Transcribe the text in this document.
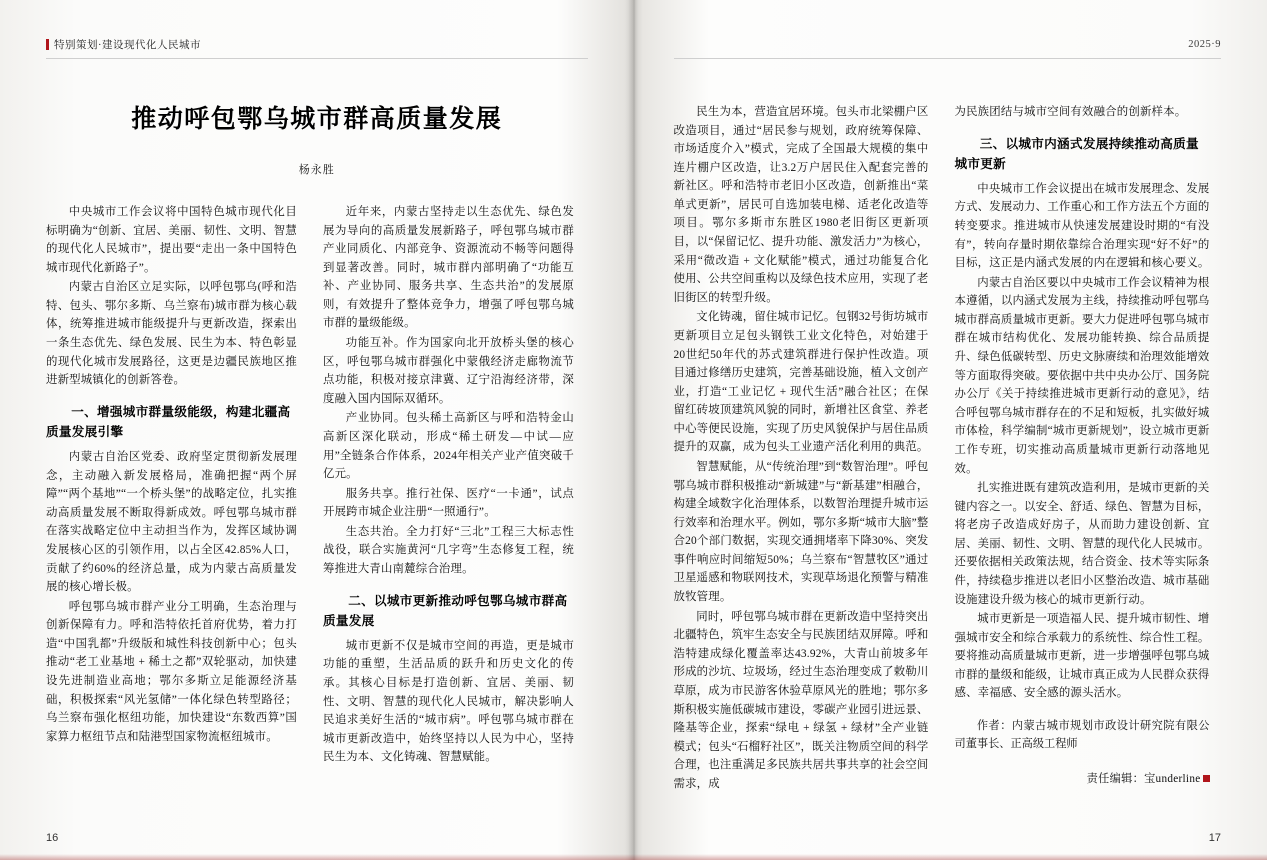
特别策划·建设现代化人民城市
推动呼包鄂乌城市群高质量发展
杨永胜

中央城市工作会议将中国特色城市现代化目标明确为“创新、宜居、美丽、韧性、文明、智慧的现代化人民城市”，提出要“走出一条中国特色城市现代化新路子”。

内蒙古自治区立足实际，以呼包鄂乌(呼和浩特、包头、鄂尔多斯、乌兰察布)城市群为核心载体，统筹推进城市能级提升与更新改造，探索出一条生态优先、绿色发展、民生为本、特色彰显的现代化城市发展路径，这更是边疆民族地区推进新型城镇化的创新答卷。

一、增强城市群量级能级，构建北疆高质量发展引擎

内蒙古自治区党委、政府坚定贯彻新发展理念，主动融入新发展格局，准确把握“两个屏障”“两个基地”“一个桥头堡”的战略定位，扎实推动高质量发展不断取得新成效。呼包鄂乌城市群在落实战略定位中主动担当作为，发挥区域协调发展核心区的引领作用，以占全区42.85%人口，贡献了约60%的经济总量，成为内蒙古高质量发展的核心增长极。

呼包鄂乌城市群产业分工明确，生态治理与创新保障有力。呼和浩特依托首府优势，着力打造“中国乳都”升级版和城性科技创新中心；包头推动“老工业基地 + 稀土之都”双轮驱动，加快建设先进制造业高地；鄂尔多斯立足能源经济基础，积极探索“风光氢储”一体化绿色转型路径；乌兰察布强化枢纽功能，加快建设“东数西算”国家算力枢纽节点和陆港型国家物流枢纽城市。

近年来，内蒙古坚持走以生态优先、绿色发展为导向的高质量发展新路子，呼包鄂乌城市群产业同质化、内部竞争、资源流动不畅等问题得到显著改善。同时，城市群内部明确了“功能互补、产业协同、服务共享、生态共治”的发展原则，有效提升了整体竞争力，增强了呼包鄂乌城市群的量级能级。

功能互补。作为国家向北开放桥头堡的核心区，呼包鄂乌城市群强化中蒙俄经济走廊物流节点功能，积极对接京津冀、辽宁沿海经济带，深度融入国内国际双循环。

产业协同。包头稀土高新区与呼和浩特金山高新区深化联动，形成“稀土研发—中试—应用”全链条合作体系，2024年相关产业产值突破千亿元。

服务共享。推行社保、医疗“一卡通”，试点开展跨市城企业注册“一照通行”。

生态共治。全力打好“三北”工程三大标志性战役，联合实施黄河“几字弯”生态修复工程，统筹推进大青山南麓综合治理。

二、以城市更新推动呼包鄂乌城市群高质量发展

城市更新不仅是城市空间的再造，更是城市功能的重塑，生活品质的跃升和历史文化的传承。其核心目标是打造创新、宜居、美丽、韧性、文明、智慧的现代化人民城市，解决影响人民追求美好生活的“城市病”。呼包鄂乌城市群在城市更新改造中，始终坚持以人民为中心，坚持民生为本、文化铸魂、智慧赋能。

16
2025·9

民生为本，营造宜居环境。包头市北梁棚户区改造项目，通过“居民参与规划，政府统筹保障、市场适度介入”模式，完成了全国最大规模的集中连片棚户区改造，让3.2万户居民住入配套完善的新社区。呼和浩特市老旧小区改造，创新推出“菜单式更新”，居民可自选加装电梯、适老化改造等项目。鄂尔多斯市东胜区1980老旧街区更新项目，以“保留记忆、提升功能、激发活力”为核心，采用“微改造 + 文化赋能”模式，通过功能复合化使用、公共空间重构以及绿色技术应用，实现了老旧街区的转型升级。

文化铸魂，留住城市记忆。包钢32号街坊城市更新项目立足包头钢铁工业文化特色，对始建于20世纪50年代的苏式建筑群进行保护性改造。项目通过修缮历史建筑，完善基础设施，植入文创产业，打造“工业记忆 + 现代生活”融合社区；在保留红砖坡顶建筑风貌的同时，新增社区食堂、养老中心等便民设施，实现了历史风貌保护与居住品质提升的双赢，成为包头工业遗产活化利用的典范。

智慧赋能，从“传统治理”到“数智治理”。呼包鄂乌城市群积极推动“新城建”与“新基建”相融合，构建全域数字化治理体系，以数智治理提升城市运行效率和治理水平。例如，鄂尔多斯“城市大脑”整合20个部门数据，实现交通拥堵率下降30%、突发事件响应时间缩短50%；乌兰察布“智慧牧区”通过卫星遥感和物联网技术，实现草场退化预警与精准放牧管理。

同时，呼包鄂乌城市群在更新改造中坚持突出北疆特色，筑牢生态安全与民族团结双屏障。呼和浩特建成绿化覆盖率达43.92%，大青山前坡多年形成的沙坑、垃圾场，经过生态治理变成了敕勒川草原，成为市民游客休验草原风光的胜地；鄂尔多斯积极实施低碳城市建设，零碳产业园引进远景、隆基等企业，探索“绿电 + 绿氢 + 绿材”全产业链模式；包头“石榴籽社区”，既关注物质空间的科学合理，也注重满足多民族共居共事共享的社会空间需求，成

为民族团结与城市空间有效融合的创新样本。

三、以城市内涵式发展持续推动高质量城市更新

中央城市工作会议提出在城市发展理念、发展方式、发展动力、工作重心和工作方法五个方面的转变要求。推进城市从快速发展建设时期的“有没有”，转向存量时期依靠综合治理实现“好不好”的目标，这正是内涵式发展的内在逻辑和核心要义。

内蒙古自治区要以中央城市工作会议精神为根本遵循，以内涵式发展为主线，持续推动呼包鄂乌城市群高质量城市更新。要大力促进呼包鄂乌城市群在城市结构优化、发展功能转换、综合品质提升、绿色低碳转型、历史文脉赓续和治理效能增效等方面取得突破。要依据中共中央办公厅、国务院办公厅《关于持续推进城市更新行动的意见》，结合呼包鄂乌城市群存在的不足和短板，扎实做好城市体检，科学编制“城市更新规划”，设立城市更新工作专班，切实推动高质量城市更新行动落地见效。

扎实推进既有建筑改造利用，是城市更新的关键内容之一。以安全、舒适、绿色、智慧为目标，将老房子改造成好房子，从而助力建设创新、宜居、美丽、韧性、文明、智慧的现代化人民城市。还要依据相关政策法规，结合资金、技术等实际条件，持续稳步推进以老旧小区整治改造、城市基础设施建设升级为核心的城市更新行动。

城市更新是一项造福人民、提升城市韧性、增强城市安全和综合承载力的系统性、综合性工程。要将推动高质量城市更新，进一步增强呼包鄂乌城市群的量级和能级，让城市真正成为人民群众获得感、幸福感、安全感的源头活水。

作者：内蒙古城市规划市政设计研究院有限公司董事长、正高级工程师

责任编辑：宝underline
17
